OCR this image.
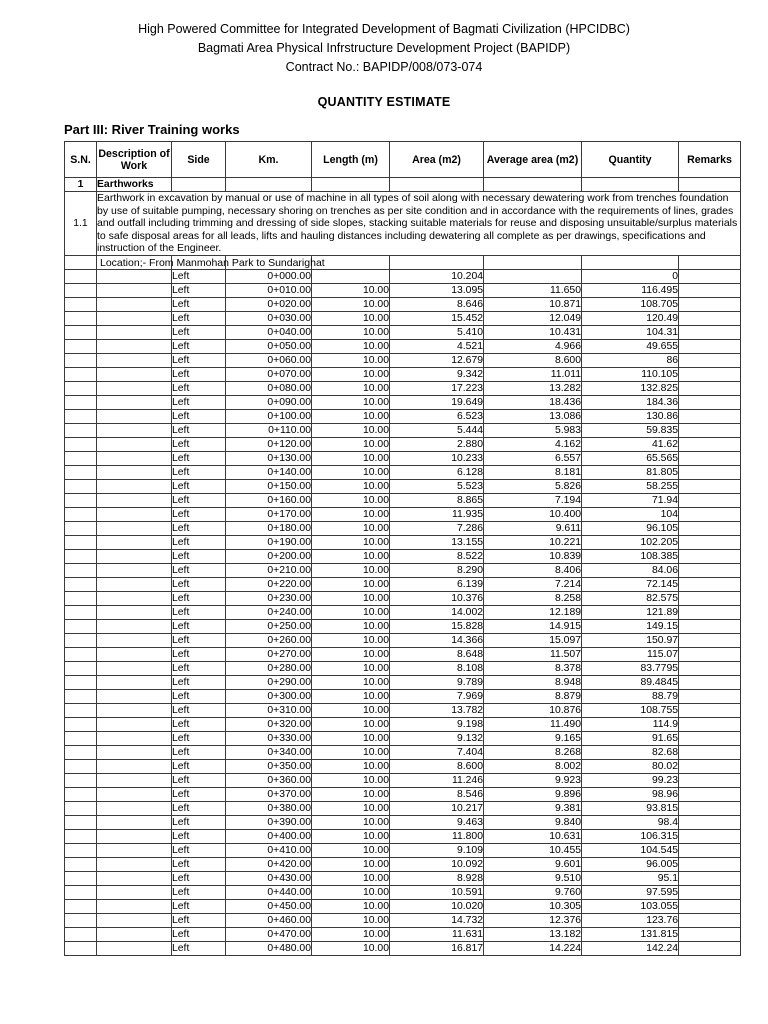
High Powered Committee for Integrated Development of Bagmati Civilization (HPCIDBC)
Bagmati Area Physical Infrstructure Development Project (BAPIDP)
Contract No.: BAPIDP/008/073-074
QUANTITY ESTIMATE
Part III: River Training works
S.N.	Description of Work	Side	Km.	Length (m)	Area (m2)	Average area (m2)	Quantity	Remarks
1	Earthworks							
1.1	Earthwork in excavation by manual or use of machine in all types of soil along with necessary dewatering work from trenches foundation by use of suitable pumping, necessary shoring on trenches as per site condition and in accordance with the requirements of lines, grades and outfall including trimming and dressing of side slopes, stacking suitable materials for reuse and disposing unsuitable/surplus materials to safe disposal areas for all leads, lifts and hauling distances including dewatering all complete as per drawings, specifications and instruction of the Engineer.							

	Location;- From Manmohan Park to Sundarighat							

		Left	0+000.00		10.204		0	
		Left	0+010.00	10.00	13.095	11.650	116.495	
		Left	0+020.00	10.00	8.646	10.871	108.705	
		Left	0+030.00	10.00	15.452	12.049	120.49	
		Left	0+040.00	10.00	5.410	10.431	104.31	
		Left	0+050.00	10.00	4.521	4.966	49.655	
		Left	0+060.00	10.00	12.679	8.600	86	
		Left	0+070.00	10.00	9.342	11.011	110.105	
		Left	0+080.00	10.00	17.223	13.282	132.825	
		Left	0+090.00	10.00	19.649	18.436	184.36	
		Left	0+100.00	10.00	6.523	13.086	130.86	
		Left	0+110.00	10.00	5.444	5.983	59.835	
		Left	0+120.00	10.00	2.880	4.162	41.62	
		Left	0+130.00	10.00	10.233	6.557	65.565	
		Left	0+140.00	10.00	6.128	8.181	81.805	
		Left	0+150.00	10.00	5.523	5.826	58.255	
		Left	0+160.00	10.00	8.865	7.194	71.94	
		Left	0+170.00	10.00	11.935	10.400	104	
		Left	0+180.00	10.00	7.286	9.611	96.105	
		Left	0+190.00	10.00	13.155	10.221	102.205	
		Left	0+200.00	10.00	8.522	10.839	108.385	
		Left	0+210.00	10.00	8.290	8.406	84.06	
		Left	0+220.00	10.00	6.139	7.214	72.145	
		Left	0+230.00	10.00	10.376	8.258	82.575	
		Left	0+240.00	10.00	14.002	12.189	121.89	
		Left	0+250.00	10.00	15.828	14.915	149.15	
		Left	0+260.00	10.00	14.366	15.097	150.97	
		Left	0+270.00	10.00	8.648	11.507	115.07	
		Left	0+280.00	10.00	8.108	8.378	83.7795	
		Left	0+290.00	10.00	9.789	8.948	89.4845	
		Left	0+300.00	10.00	7.969	8.879	88.79	
		Left	0+310.00	10.00	13.782	10.876	108.755	
		Left	0+320.00	10.00	9.198	11.490	114.9	
		Left	0+330.00	10.00	9.132	9.165	91.65	
		Left	0+340.00	10.00	7.404	8.268	82.68	
		Left	0+350.00	10.00	8.600	8.002	80.02	
		Left	0+360.00	10.00	11.246	9.923	99.23	
		Left	0+370.00	10.00	8.546	9.896	98.96	
		Left	0+380.00	10.00	10.217	9.381	93.815	
		Left	0+390.00	10.00	9.463	9.840	98.4	
		Left	0+400.00	10.00	11.800	10.631	106.315	
		Left	0+410.00	10.00	9.109	10.455	104.545	
		Left	0+420.00	10.00	10.092	9.601	96.005	
		Left	0+430.00	10.00	8.928	9.510	95.1	
		Left	0+440.00	10.00	10.591	9.760	97.595	
		Left	0+450.00	10.00	10.020	10.305	103.055	
		Left	0+460.00	10.00	14.732	12.376	123.76	
		Left	0+470.00	10.00	11.631	13.182	131.815	
		Left	0+480.00	10.00	16.817	14.224	142.24	
